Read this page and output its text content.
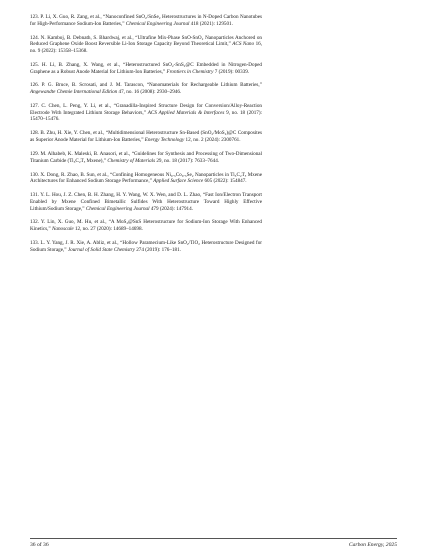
123. P. Li, X. Guo, R. Zang, et al., “Nanoconfined SnO₂/SnSe₂ Heterostructures in N-Doped Carbon Nanotubes for High-Performance Sodium-Ion Batteries,” Chemical Engineering Journal 418 (2021): 129501.

124. N. Kamboj, B. Debnath, S. Bhardwaj, et al., “Ultrafine Mix-Phase SnO-SnO₂ Nanoparticles Anchored on Reduced Graphene Oxide Boost Reversible Li-Ion Storage Capacity Beyond Theoretical Limit,” ACS Nano 16, no. 9 (2022): 15358–15368.

125. H. Li, B. Zhang, X. Wang, et al., “Heterostructured SnO₂-SnS₂@C Embedded in Nitrogen-Doped Graphene as a Robust Anode Material for Lithium-Ion Batteries,” Frontiers in Chemistry 7 (2019): 00339.

126. P. G. Bruce, B. Scrosati, and J. M. Tarascon, “Nanomaterials for Rechargeable Lithium Batteries,” Angewandte Chemie International Edition 47, no. 16 (2008): 2930–2946.

127. C. Chen, L. Peng, Y. Li, et al., “Granadilla-Inspired Structure Design for Conversion/Alloy-Reaction Electrode With Integrated Lithium Storage Behaviors,” ACS Applied Materials & Interfaces 9, no. 18 (2017): 15470–15476.

128. B. Zhu, H. Xie, Y. Chen, et al., “Multidimensional Heterostructure Sn-Based (SnO₂/MoS₂)@C Composites as Superior Anode Material for Lithium-Ion Batteries,” Energy Technology 12, no. 2 (2024): 2300761.

129. M. Alhabeb, K. Maleski, B. Anasori, et al., “Guidelines for Synthesis and Processing of Two-Dimensional Titanium Carbide (Ti₃C₂Tₓ Mxene),” Chemistry of Materials 29, no. 18 (2017): 7633–7644.

130. X. Dong, R. Zhao, B. Sun, et al., “Confining Homogeneous Ni₀.₅Co₀.₅Se₂ Nanoparticles in Ti₃C₂Tₓ Mxene Architectures for Enhanced Sodium Storage Performance,” Applied Surface Science 605 (2022): 154847.

131. Y. L. Hou, J. Z. Chen, B. H. Zhang, H. Y. Wang, W. X. Wen, and D. L. Zhao, “Fast Ion/Electron Transport Enabled by Mxene Confined Bimetallic Sulfides With Heterostructure Toward Highly Effective Lithium/Sodium Storage,” Chemical Engineering Journal 479 (2024): 147914.

132. Y. Lin, X. Guo, M. Hu, et al., “A MoS₂@SnS Heterostructure for Sodium-Ion Storage With Enhanced Kinetics,” Nanoscale 12, no. 27 (2020): 14689–14698.

133. L. Y. Yang, J. R. Xie, A. Abliz, et al., “Hollow Paramecium-Like SnO₂/TiO₂ Heterostructure Designed for Sodium Storage,” Journal of Solid State Chemistry 274 (2019): 176–181.

36 of 36	Carbon Energy, 2025
